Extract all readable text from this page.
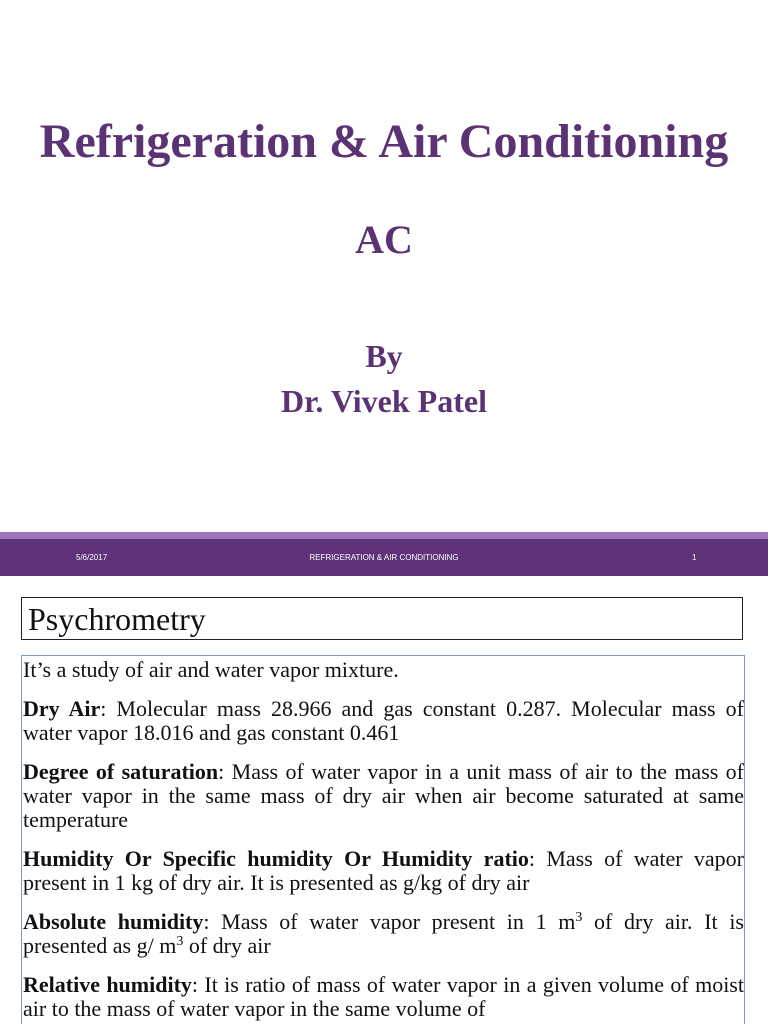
Refrigeration & Air Conditioning
AC
By
Dr. Vivek Patel
REFRIGERATION & AIR CONDITIONING
5/6/2017	1
Psychrometry

It’s a study of air and water vapor mixture.

Dry Air: Molecular mass 28.966 and gas constant 0.287. Molecular mass of water vapor 18.016 and gas constant 0.461

Degree of saturation: Mass of water vapor in a unit mass of air to the mass of water vapor in the same mass of dry air when air become saturated at same temperature

Humidity Or Specific humidity Or Humidity ratio: Mass of water vapor present in 1 kg of dry air. It is presented as g/kg of dry air

Absolute humidity: Mass of water vapor present in 1 $m^3$ of dry air. It is presented as g/ $m^3$ of dry air

Relative humidity: It is ratio of mass of water vapor in a given volume of moist air to the mass of water vapor in the same volume of
